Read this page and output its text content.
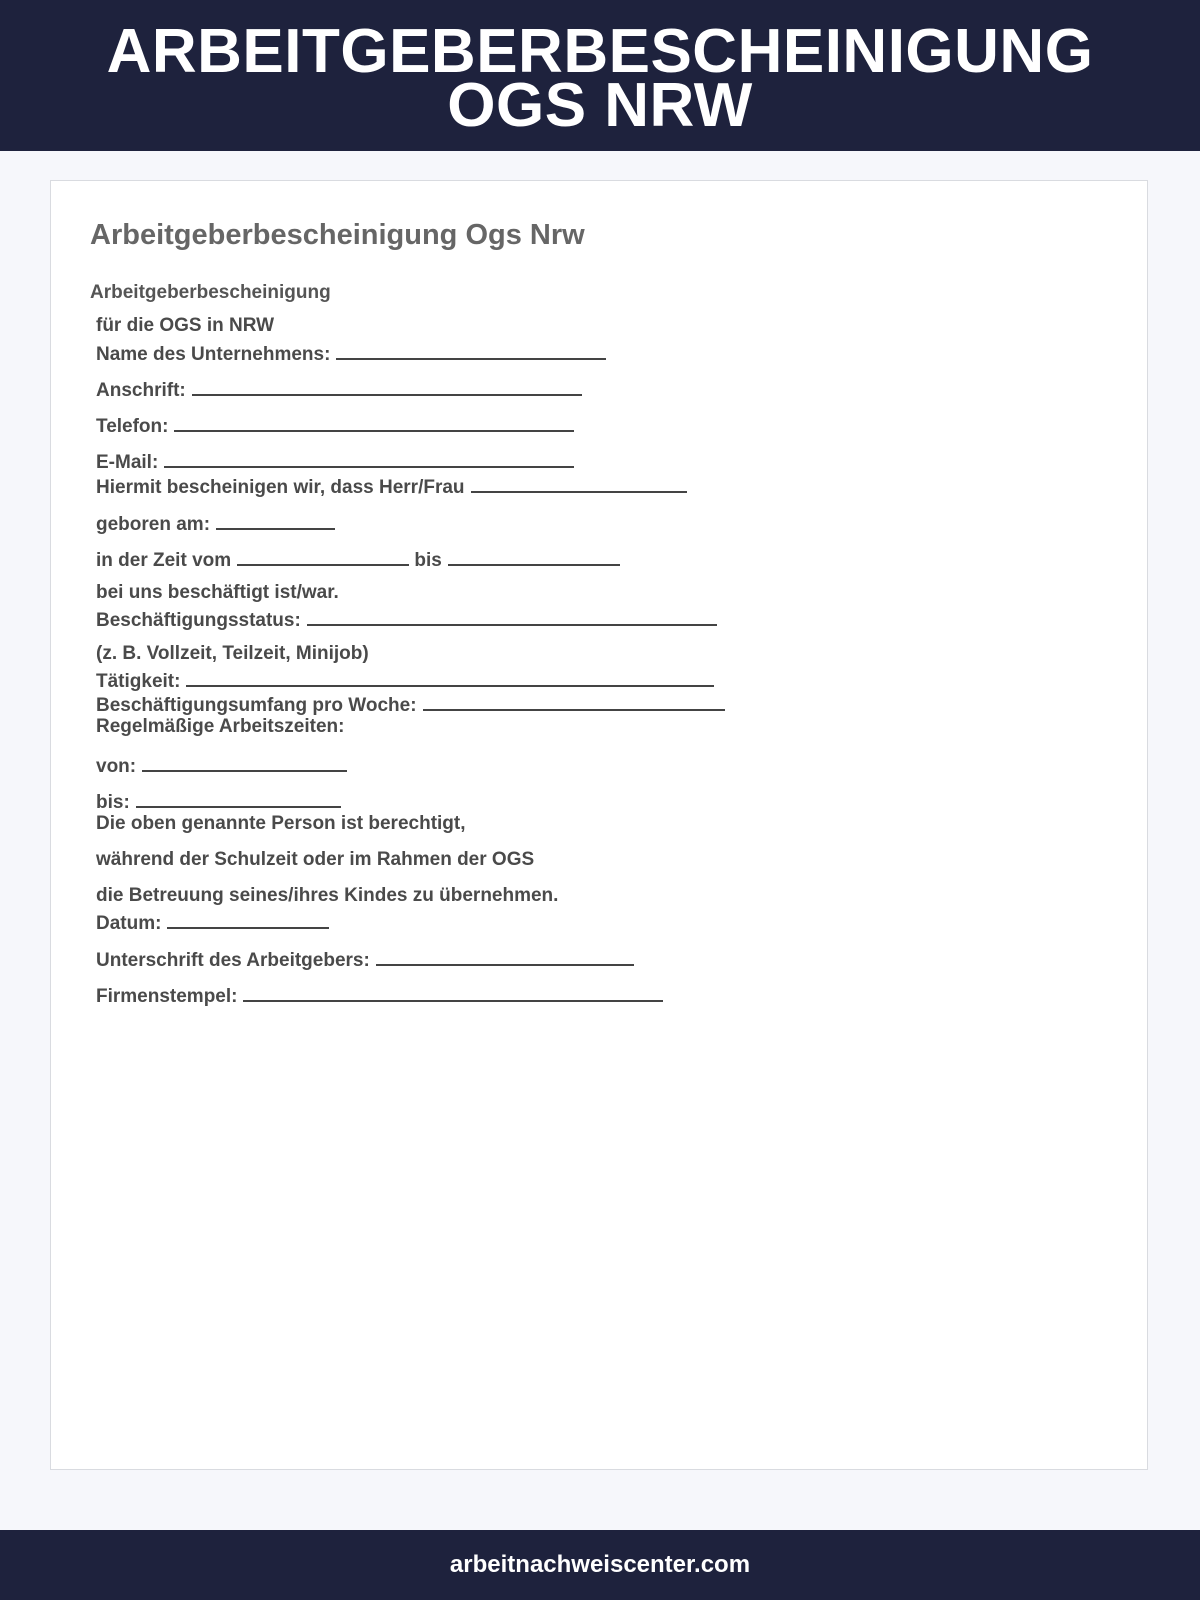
ARBEITGEBERBESCHEINIGUNG
OGS NRW
Arbeitgeberbescheinigung Ogs Nrw
Arbeitgeberbescheinigung
für die OGS in NRW
Name des Unternehmens:
Anschrift:
Telefon:
E-Mail:
Hiermit bescheinigen wir, dass Herr/Frau
geboren am:
in der Zeit vom	bis
bei uns beschäftigt ist/war.
Beschäftigungsstatus:
(z. B. Vollzeit, Teilzeit, Minijob)
Tätigkeit:
Beschäftigungsumfang pro Woche:
Regelmäßige Arbeitszeiten:
von:
bis:
Die oben genannte Person ist berechtigt,
während der Schulzeit oder im Rahmen der OGS
die Betreuung seines/ihres Kindes zu übernehmen.
Datum:
Unterschrift des Arbeitgebers:
Firmenstempel:
arbeitnachweiscenter.com
